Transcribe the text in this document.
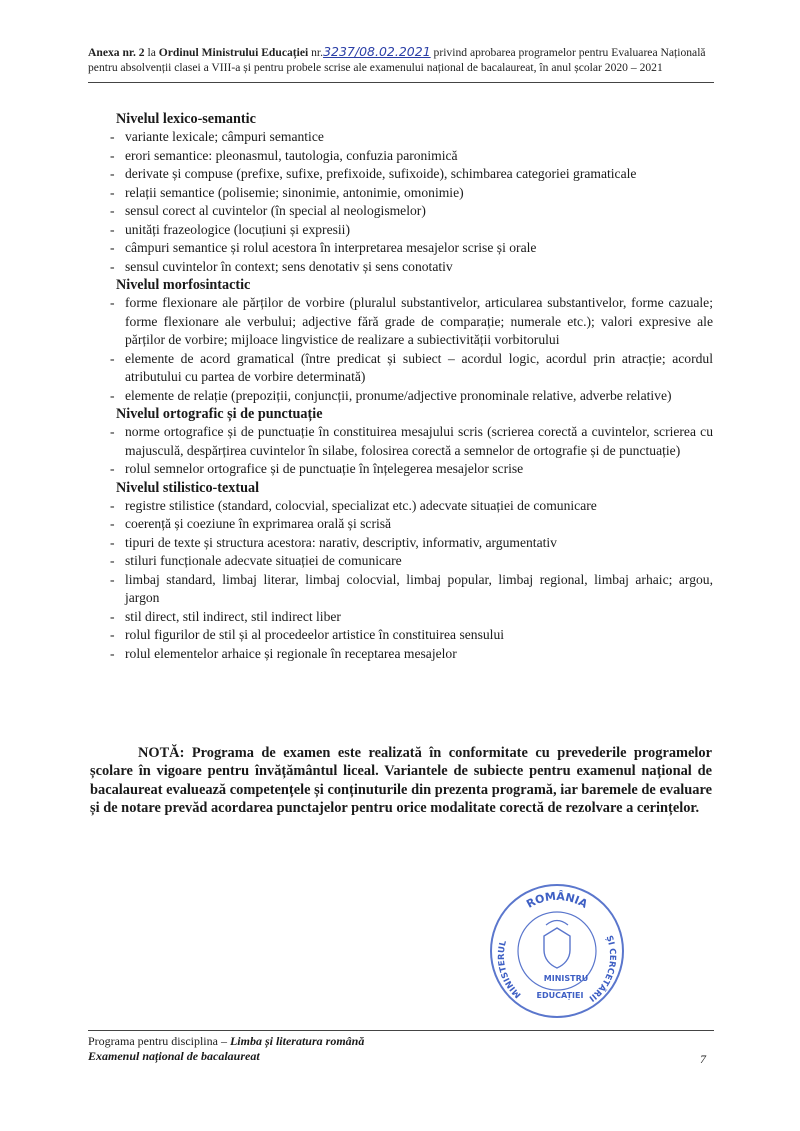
Anexa nr. 2 la Ordinul Ministrului Educației nr.3237/08.02.2021 privind aprobarea programelor pentru Evaluarea Națională
pentru absolvenții clasei a VIII-a și pentru probele scrise ale examenului național de bacalaureat, în anul școlar 2020 – 2021
Nivelul lexico-semantic
- variante lexicale; câmpuri semantice
- erori semantice: pleonasmul, tautologia, confuzia paronimică
- derivate și compuse (prefixe, sufixe, prefixoide, sufixoide), schimbarea categoriei gramaticale
- relații semantice (polisemie; sinonimie, antonimie, omonimie)
- sensul corect al cuvintelor (în special al neologismelor)
- unități frazeologice (locuțiuni și expresii)
- câmpuri semantice și rolul acestora în interpretarea mesajelor scrise și orale
- sensul cuvintelor în context; sens denotativ și sens conotativ
Nivelul morfosintactic
- forme flexionare ale părților de vorbire (pluralul substantivelor, articularea substantivelor, forme cazuale; forme flexionare ale verbului; adjective fără grade de comparație; numerale etc.); valori expresive ale părților de vorbire; mijloace lingvistice de realizare a subiectivității vorbitorului
- elemente de acord gramatical (între predicat și subiect – acordul logic, acordul prin atracție; acordul atributului cu partea de vorbire determinată)
- elemente de relație (prepoziții, conjuncții, pronume/adjective pronominale relative, adverbe relative)
Nivelul ortografic și de punctuație
- norme ortografice și de punctuație în constituirea mesajului scris (scrierea corectă a cuvintelor, scrierea cu majusculă, despărțirea cuvintelor în silabe, folosirea corectă a semnelor de ortografie și de punctuație)
- rolul semnelor ortografice și de punctuație în înțelegerea mesajelor scrise
Nivelul stilistico-textual
- registre stilistice (standard, colocvial, specializat etc.) adecvate situației de comunicare
- coerență și coeziune în exprimarea orală și scrisă
- tipuri de texte și structura acestora: narativ, descriptiv, informativ, argumentativ
- stiluri funcționale adecvate situației de comunicare
- limbaj standard, limbaj literar, limbaj colocvial, limbaj popular, limbaj regional, limbaj arhaic; argou, jargon
- stil direct, stil indirect, stil indirect liber
- rolul figurilor de stil și al procedeelor artistice în constituirea sensului
- rolul elementelor arhaice și regionale în receptarea mesajelor
NOTĂ: Programa de examen este realizată în conformitate cu prevederile programelor școlare în vigoare pentru învățământul liceal. Variantele de subiecte pentru examenul național de bacalaureat evaluează competențele și conținuturile din prezenta programă, iar baremele de evaluare și de notare prevăd acordarea punctajelor pentru orice modalitate corectă de rezolvare a cerințelor.
ROMÂNIA
MINISTERUL
ȘI CERCETĂRII
MINISTRU
EDUCAȚIEI
Programa pentru disciplina – Limba și literatura română
Examenul național de bacalaureat	7
